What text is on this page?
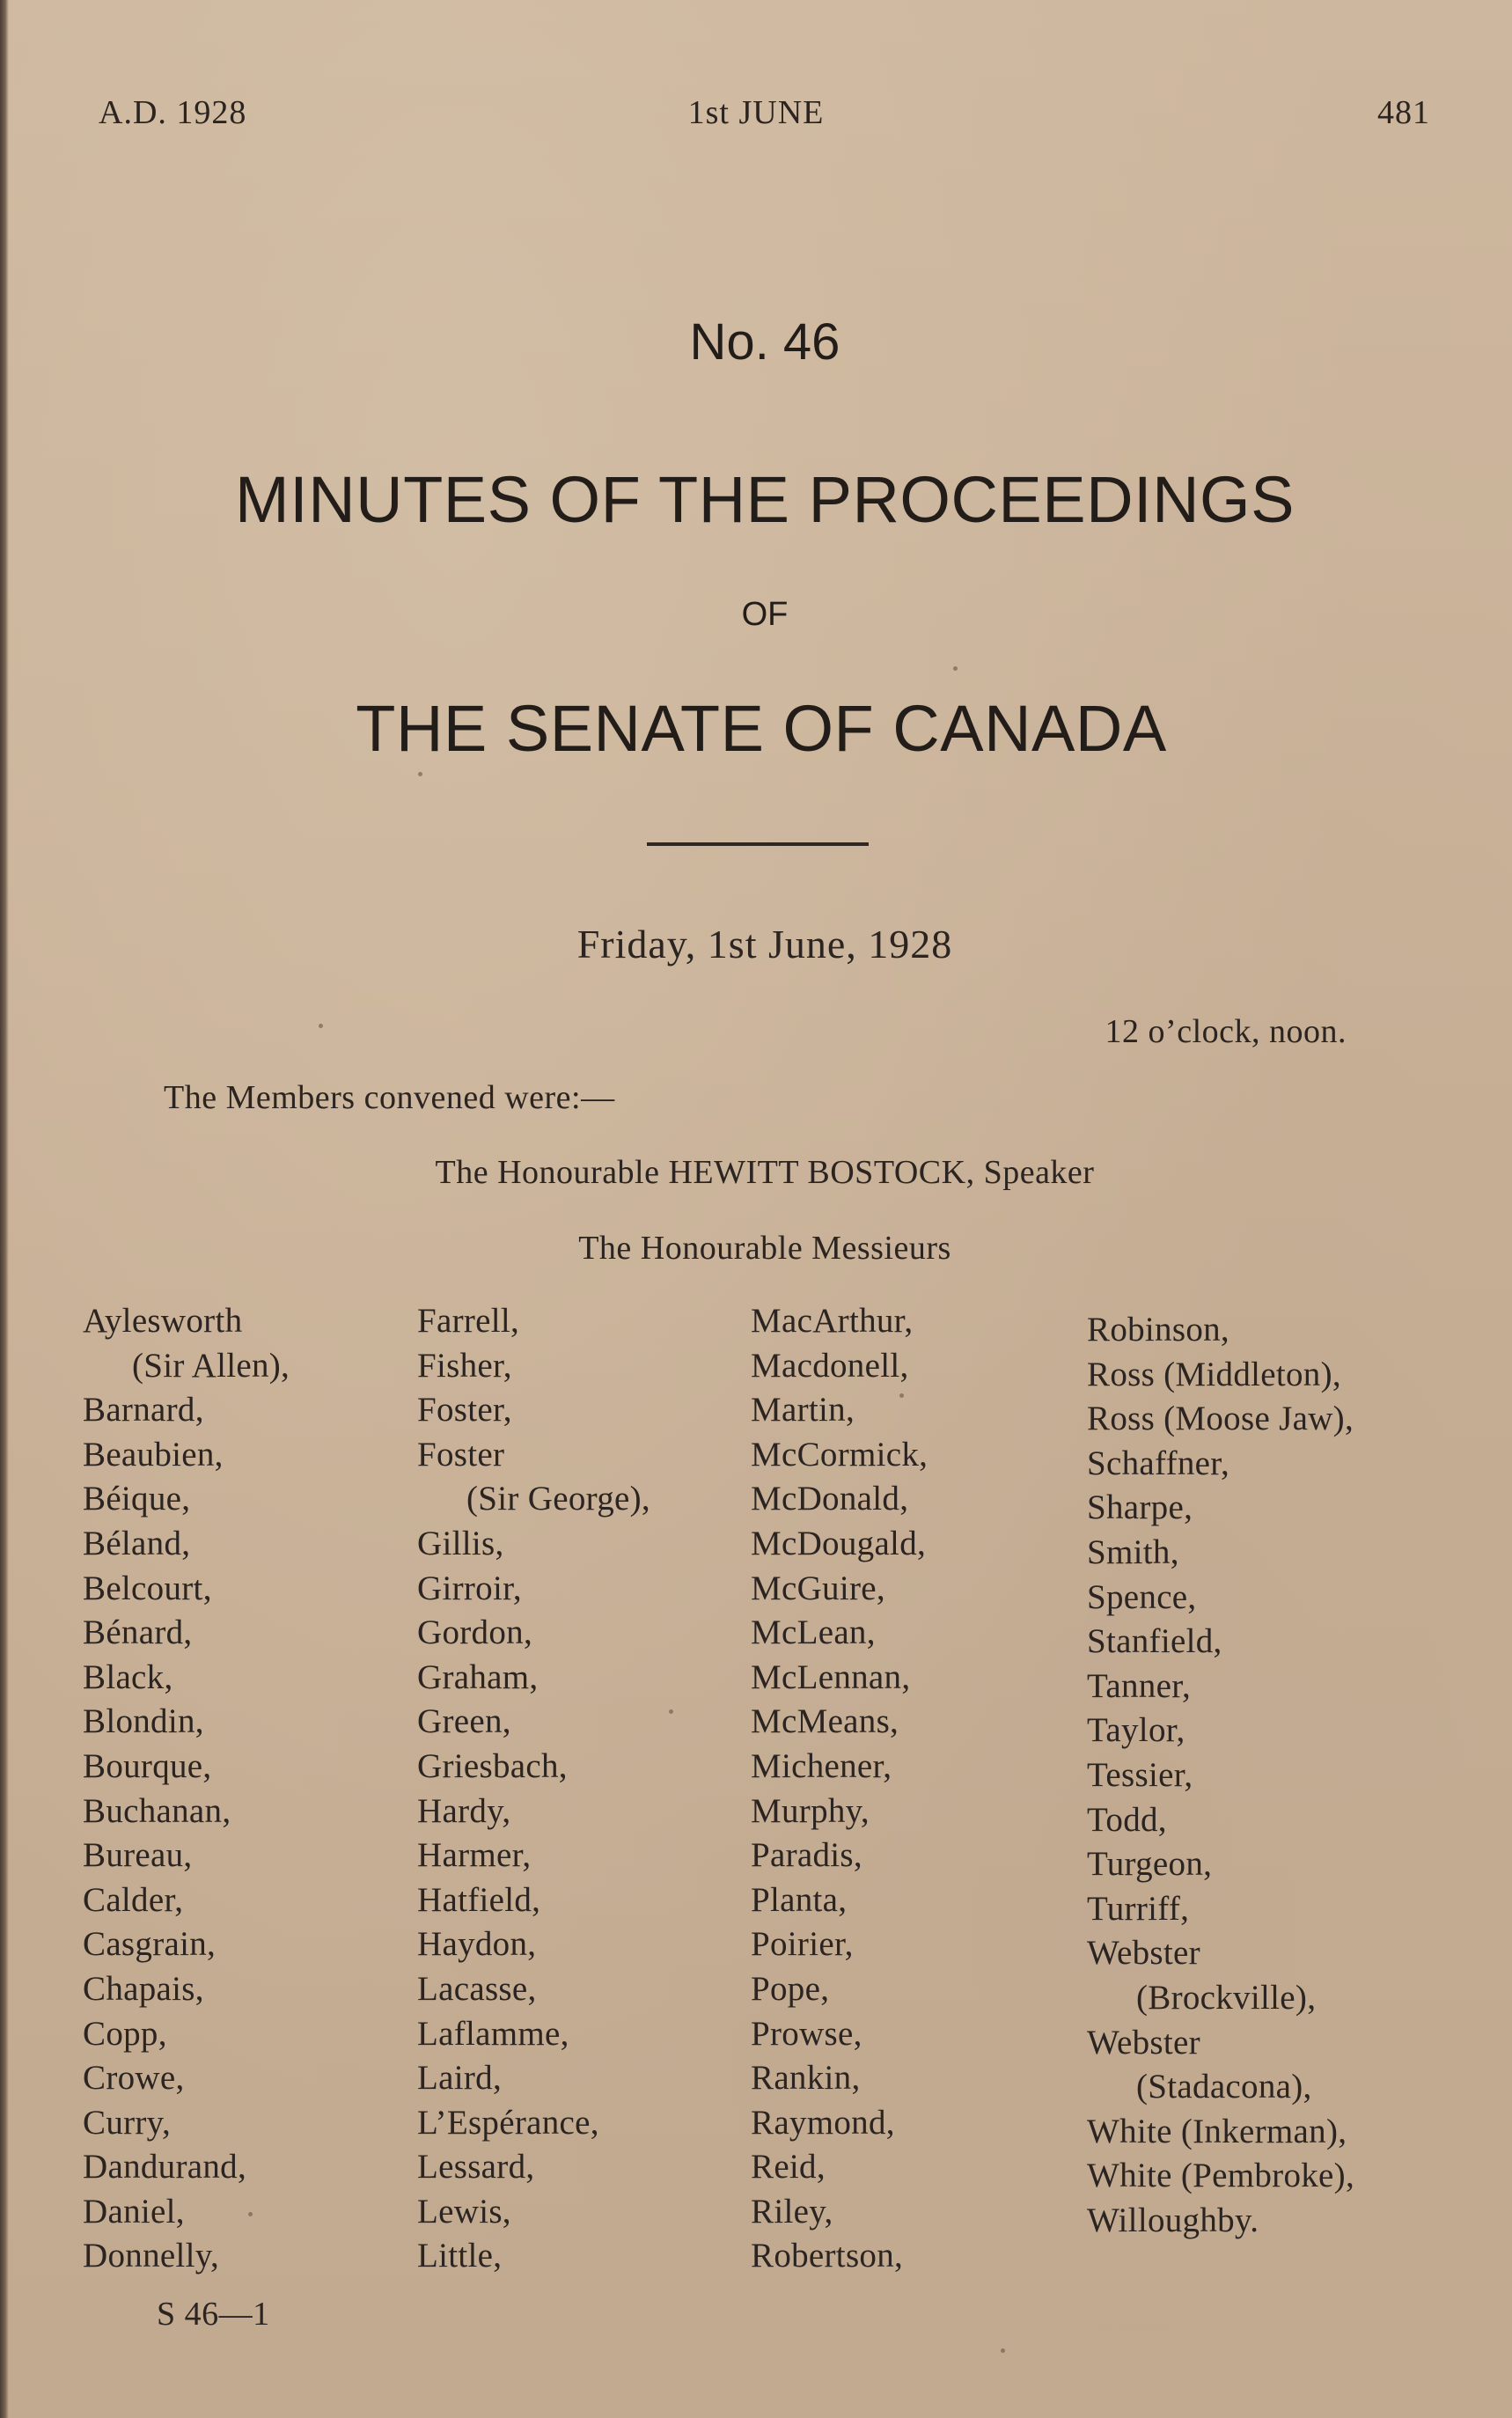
A.D. 1928	1st JUNE	481
No. 46
MINUTES OF THE PROCEEDINGS
OF
THE SENATE OF CANADA
Friday, 1st June, 1928
12 o’clock, noon.
The Members convened were:—
The Honourable HEWITT BOSTOCK, Speaker
The Honourable Messieurs
Aylesworth
(Sir Allen),
Barnard,
Beaubien,
Béique,
Béland,
Belcourt,
Bénard,
Black,
Blondin,
Bourque,
Buchanan,
Bureau,
Calder,
Casgrain,
Chapais,
Copp,
Crowe,
Curry,
Dandurand,
Daniel,
Donnelly,
Farrell,
Fisher,
Foster,
Foster
(Sir George),
Gillis,
Girroir,
Gordon,
Graham,
Green,
Griesbach,
Hardy,
Harmer,
Hatfield,
Haydon,
Lacasse,
Laflamme,
Laird,
L’Espérance,
Lessard,
Lewis,
Little,
MacArthur,
Macdonell,
Martin,
McCormick,
McDonald,
McDougald,
McGuire,
McLean,
McLennan,
McMeans,
Michener,
Murphy,
Paradis,
Planta,
Poirier,
Pope,
Prowse,
Rankin,
Raymond,
Reid,
Riley,
Robertson,
Robinson,
Ross (Middleton),
Ross (Moose Jaw),
Schaffner,
Sharpe,
Smith,
Spence,
Stanfield,
Tanner,
Taylor,
Tessier,
Todd,
Turgeon,
Turriff,
Webster
(Brockville),
Webster
(Stadacona),
White (Inkerman),
White (Pembroke),
Willoughby.
S 46—1
